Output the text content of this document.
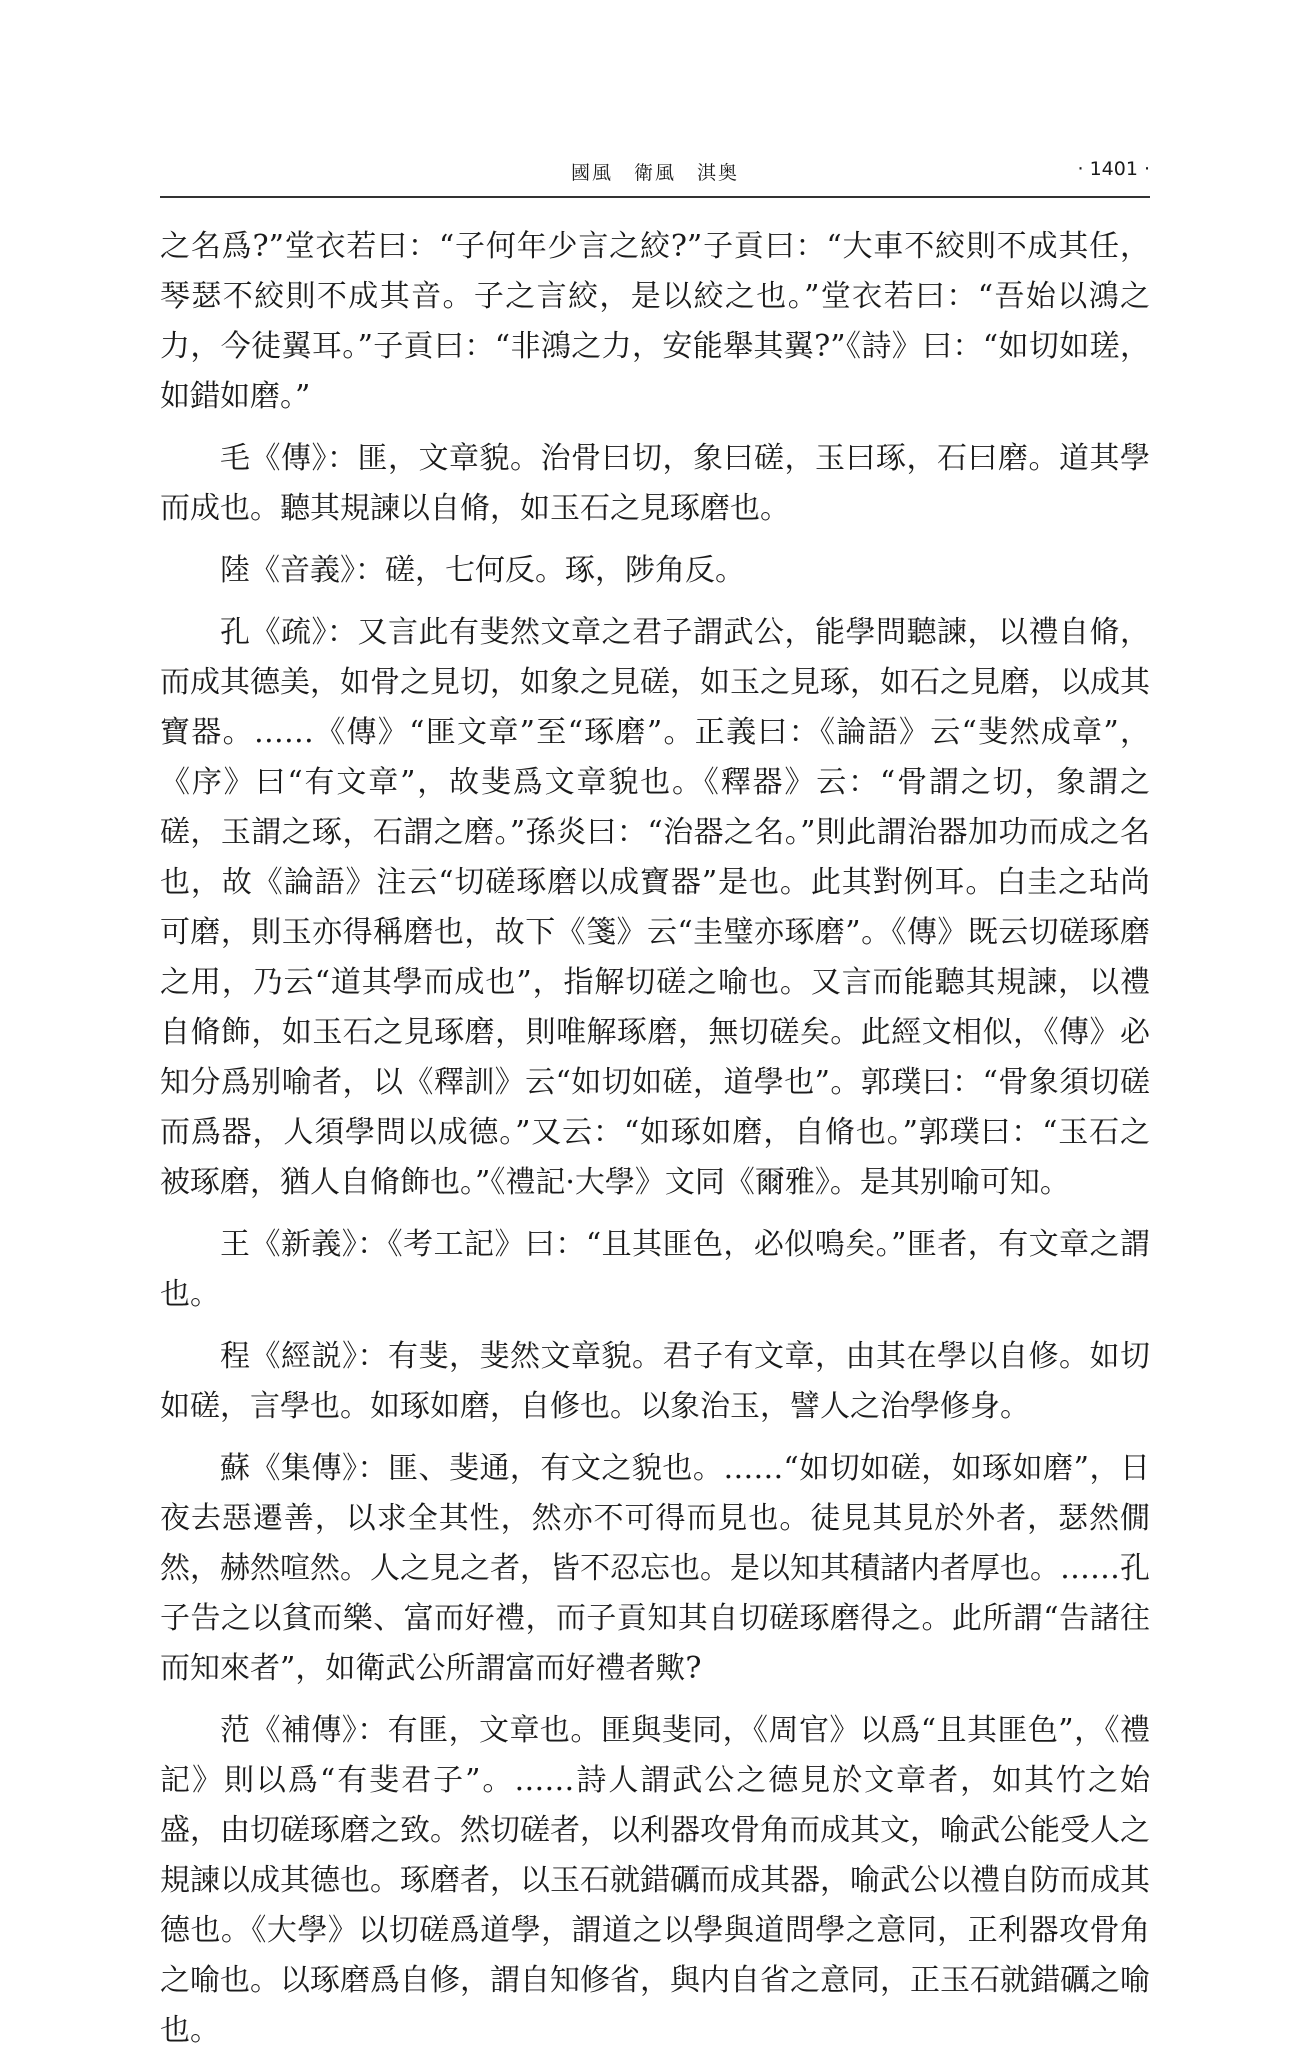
國風　衛風　淇奥	· 1401 ·

之名爲?”堂衣若曰：“子何年少言之絞?”子貢曰：“大車不絞則不成其任，琴瑟不絞則不成其音。子之言絞，是以絞之也。”堂衣若曰：“吾始以鴻之力，今徒翼耳。”子貢曰：“非鴻之力，安能舉其翼?”《詩》曰：“如切如瑳，如錯如磨。”

毛《傳》：匪，文章貌。治骨曰切，象曰磋，玉曰琢，石曰磨。道其學而成也。聽其規諫以自脩，如玉石之見琢磨也。

陸《音義》：磋，七何反。琢，陟角反。

孔《疏》：又言此有斐然文章之君子謂武公，能學問聽諫，以禮自脩，而成其德美，如骨之見切，如象之見磋，如玉之見琢，如石之見磨，以成其寶器。……《傳》“匪文章”至“琢磨”。正義曰：《論語》云“斐然成章”，《序》曰“有文章”，故斐爲文章貌也。《釋器》云：“骨謂之切，象謂之磋，玉謂之琢，石謂之磨。”孫炎曰：“治器之名。”則此謂治器加功而成之名也，故《論語》注云“切磋琢磨以成寶器”是也。此其對例耳。白圭之玷尚可磨，則玉亦得稱磨也，故下《箋》云“圭璧亦琢磨”。《傳》既云切磋琢磨之用，乃云“道其學而成也”，指解切磋之喻也。又言而能聽其規諫，以禮自脩飾，如玉石之見琢磨，則唯解琢磨，無切磋矣。此經文相似，《傳》必知分爲别喻者，以《釋訓》云“如切如磋，道學也”。郭璞曰：“骨象須切磋而爲器，人須學問以成德。”又云：“如琢如磨，自脩也。”郭璞曰：“玉石之被琢磨，猶人自脩飾也。”《禮記·大學》文同《爾雅》。是其别喻可知。

王《新義》：《考工記》曰：“且其匪色，必似鳴矣。”匪者，有文章之謂也。

程《經説》：有斐，斐然文章貌。君子有文章，由其在學以自修。如切如磋，言學也。如琢如磨，自修也。以象治玉，譬人之治學修身。

蘇《集傳》：匪、斐通，有文之貌也。……“如切如磋，如琢如磨”，日夜去惡遷善，以求全其性，然亦不可得而見也。徒見其見於外者，瑟然僩然，赫然喧然。人之見之者，皆不忍忘也。是以知其積諸内者厚也。……孔子告之以貧而樂、富而好禮，而子貢知其自切磋琢磨得之。此所謂“告諸往而知來者”，如衛武公所謂富而好禮者歟?

范《補傳》：有匪，文章也。匪與斐同，《周官》以爲“且其匪色”，《禮記》則以爲“有斐君子”。……詩人謂武公之德見於文章者，如其竹之始盛，由切磋琢磨之致。然切磋者，以利器攻骨角而成其文，喻武公能受人之規諫以成其德也。琢磨者，以玉石就錯礪而成其器，喻武公以禮自防而成其德也。《大學》以切磋爲道學，謂道之以學與道問學之意同，正利器攻骨角之喻也。以琢磨爲自修，謂自知修省，與内自省之意同，正玉石就錯礪之喻也。
